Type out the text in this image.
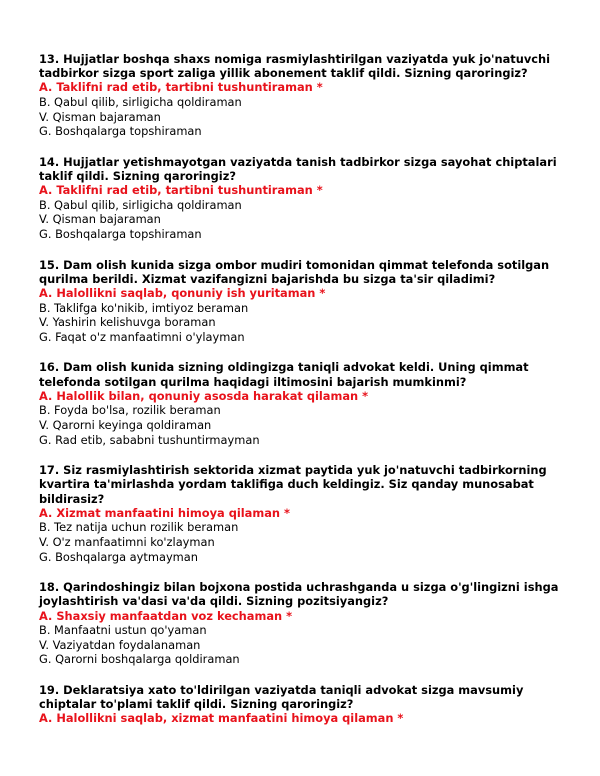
13. Hujjatlar boshqa shaxs nomiga rasmiylashtirilgan vaziyatda yuk jo'natuvchi tadbirkor sizga sport zaliga yillik abonement taklif qildi. Sizning qaroringiz?

A. Taklifni rad etib, tartibni tushuntiraman *

B. Qabul qilib, sirligicha qoldiraman

V. Qisman bajaraman

G. Boshqalarga topshiraman

14. Hujjatlar yetishmayotgan vaziyatda tanish tadbirkor sizga sayohat chiptalari taklif qildi. Sizning qaroringiz?

A. Taklifni rad etib, tartibni tushuntiraman *

B. Qabul qilib, sirligicha qoldiraman

V. Qisman bajaraman

G. Boshqalarga topshiraman

15. Dam olish kunida sizga ombor mudiri tomonidan qimmat telefonda sotilgan qurilma berildi. Xizmat vazifangizni bajarishda bu sizga ta'sir qiladimi?

A. Halollikni saqlab, qonuniy ish yuritaman *

B. Taklifga ko'nikib, imtiyoz beraman

V. Yashirin kelishuvga boraman

G. Faqat o'z manfaatimni o'ylayman

16. Dam olish kunida sizning oldingizga taniqli advokat keldi. Uning qimmat telefonda sotilgan qurilma haqidagi iltimosini bajarish mumkinmi?

A. Halollik bilan, qonuniy asosda harakat qilaman *

B. Foyda bo'lsa, rozilik beraman

V. Qarorni keyinga qoldiraman

G. Rad etib, sababni tushuntirmayman

17. Siz rasmiylashtirish sektorida xizmat paytida yuk jo'natuvchi tadbirkorning kvartira ta'mirlashda yordam taklifiga duch keldingiz. Siz qanday munosabat bildirasiz?

A. Xizmat manfaatini himoya qilaman *

B. Tez natija uchun rozilik beraman

V. O'z manfaatimni ko'zlayman

G. Boshqalarga aytmayman

18. Qarindoshingiz bilan bojxona postida uchrashganda u sizga o'g'lingizni ishga joylashtirish va'dasi va'da qildi. Sizning pozitsiyangiz?

A. Shaxsiy manfaatdan voz kechaman *

B. Manfaatni ustun qo'yaman

V. Vaziyatdan foydalanaman

G. Qarorni boshqalarga qoldiraman

19. Deklaratsiya xato to'ldirilgan vaziyatda taniqli advokat sizga mavsumiy chiptalar to'plami taklif qildi. Sizning qaroringiz?

A. Halollikni saqlab, xizmat manfaatini himoya qilaman *
